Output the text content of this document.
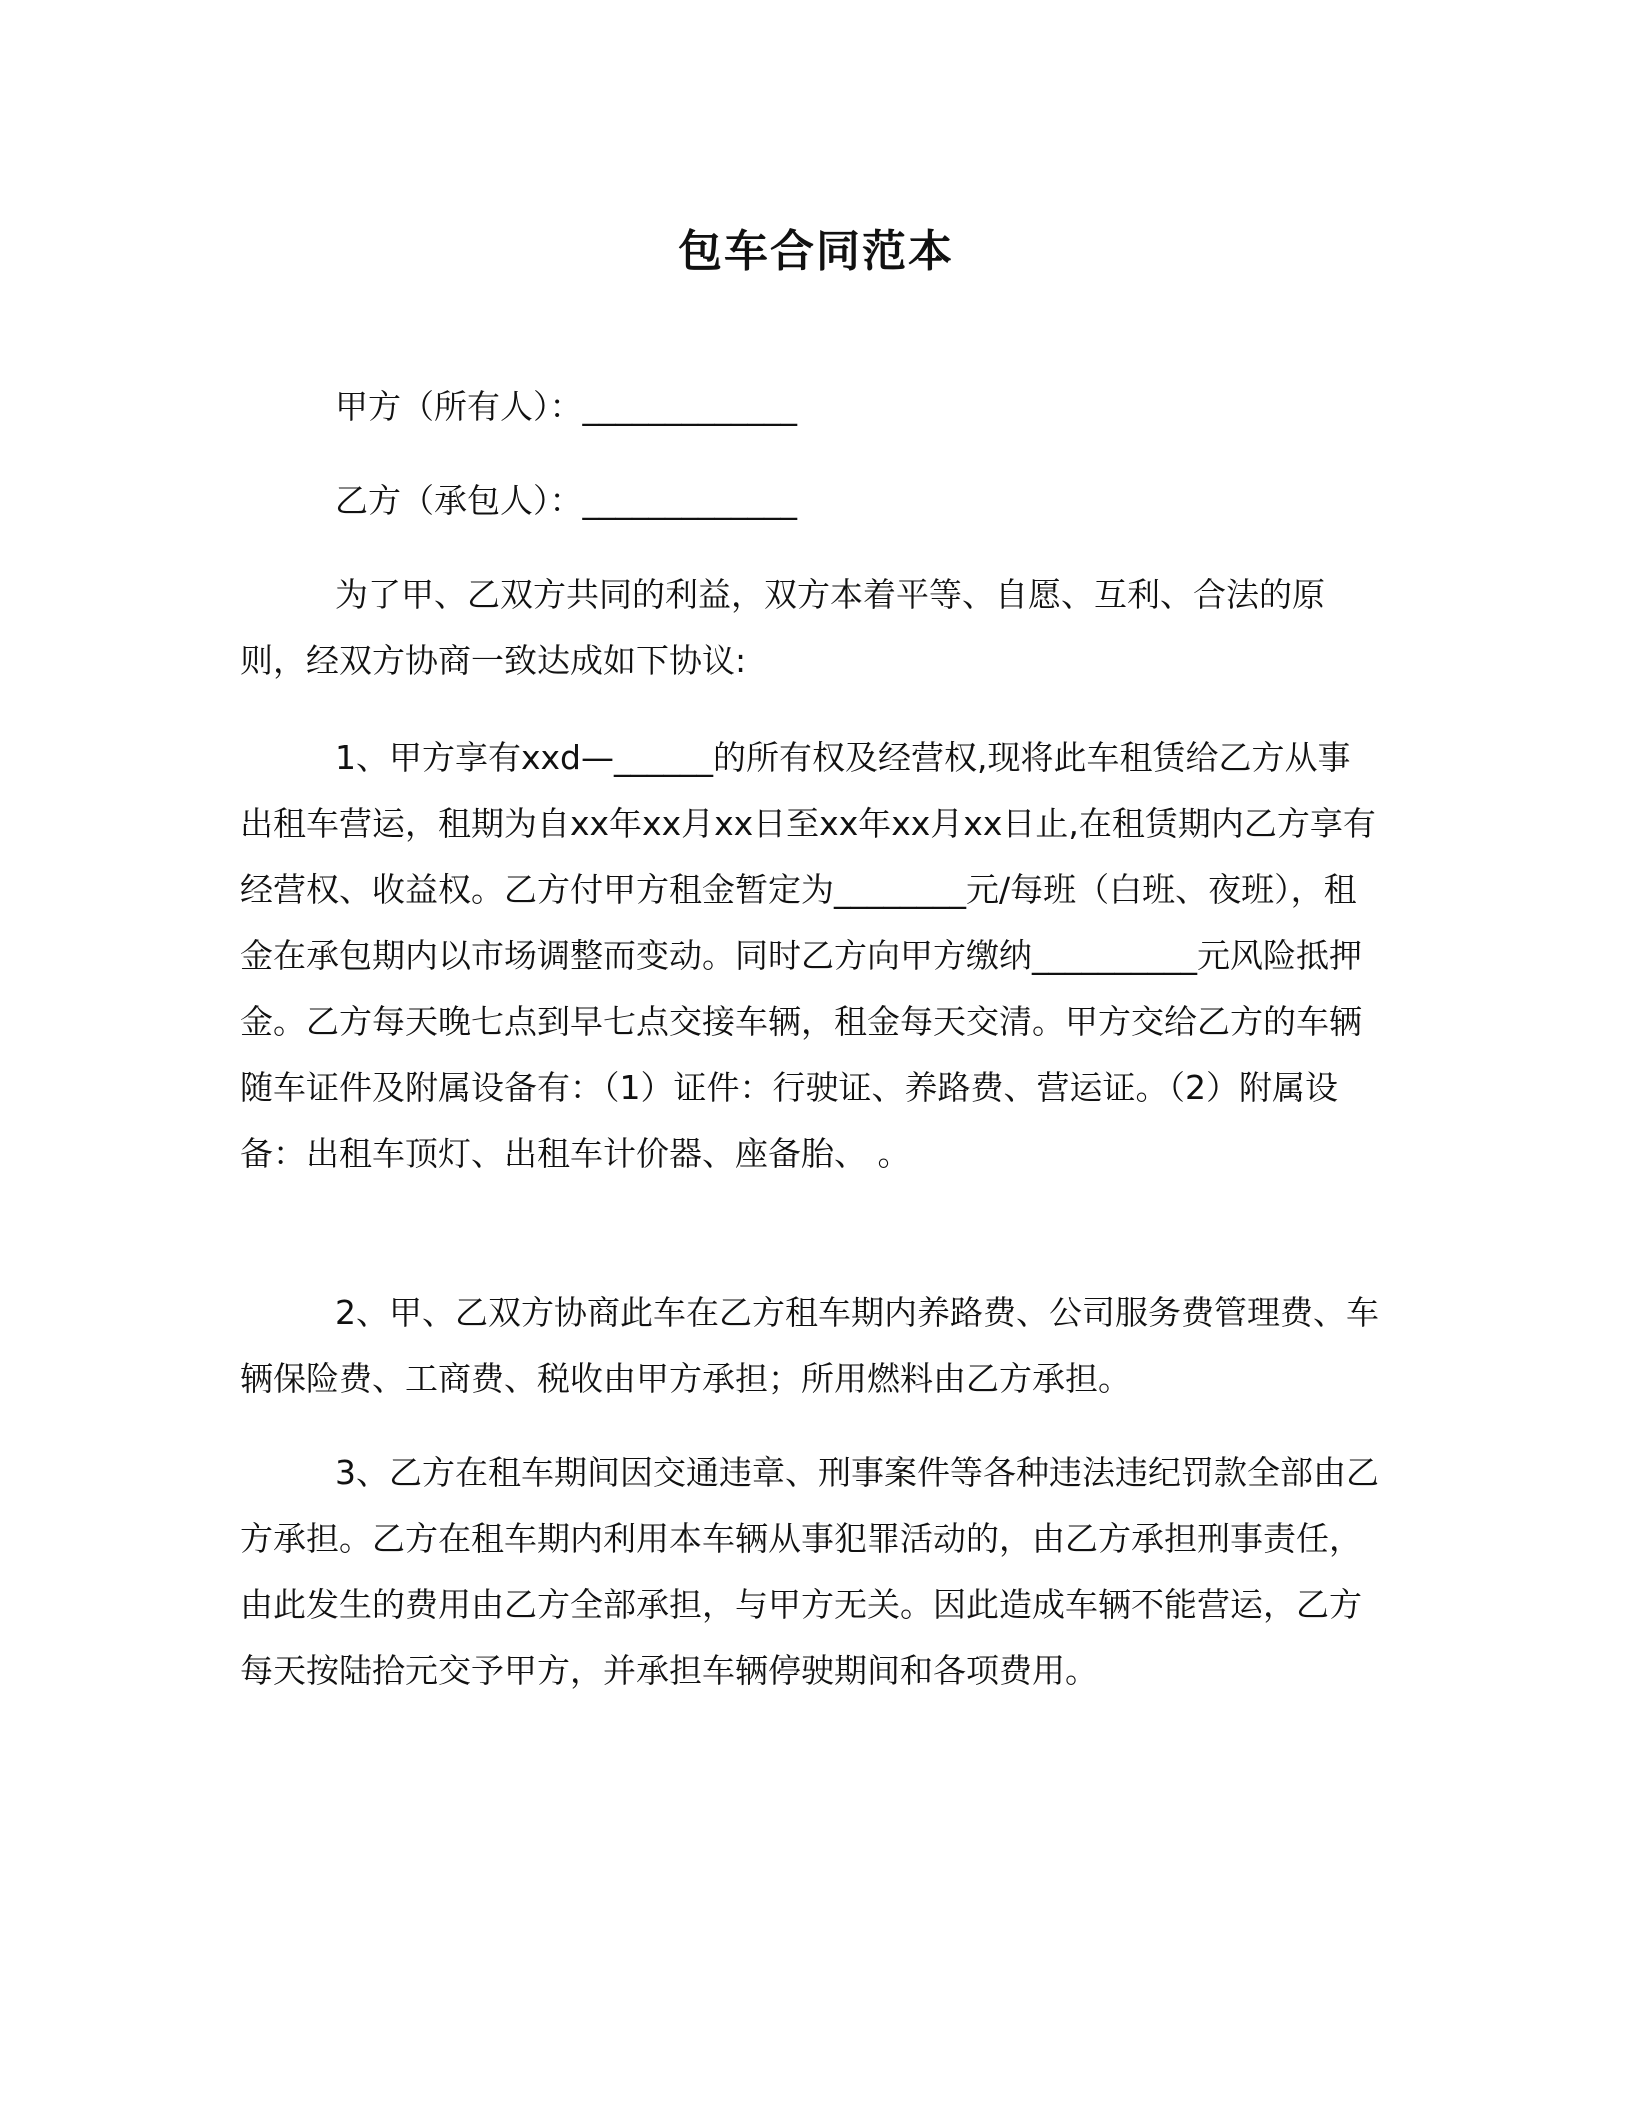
包车合同范本
甲方（所有人）：_____________
乙方（承包人）：_____________

为了甲、乙双方共同的利益，双方本着平等、自愿、互利、合法的原则，经双方协商一致达成如下协议:

1、甲方享有xxd—______的所有权及经营权,现将此车租赁给乙方从事出租车营运，租期为自xx年xx月xx日至xx年xx月xx日止,在租赁期内乙方享有经营权、收益权。乙方付甲方租金暂定为________元/每班（白班、夜班），租金在承包期内以市场调整而变动。同时乙方向甲方缴纳__________元风险抵押金。乙方每天晚七点到早七点交接车辆，租金每天交清。甲方交给乙方的车辆随车证件及附属设备有：（1）证件：行驶证、养路费、营运证。（2）附属设备：出租车顶灯、出租车计价器、座备胎、 。

2、甲、乙双方协商此车在乙方租车期内养路费、公司服务费管理费、车辆保险费、工商费、税收由甲方承担；所用燃料由乙方承担。

3、乙方在租车期间因交通违章、刑事案件等各种违法违纪罚款全部由乙方承担。乙方在租车期内利用本车辆从事犯罪活动的，由乙方承担刑事责任，由此发生的费用由乙方全部承担，与甲方无关。因此造成车辆不能营运，乙方每天按陆拾元交予甲方，并承担车辆停驶期间和各项费用。
